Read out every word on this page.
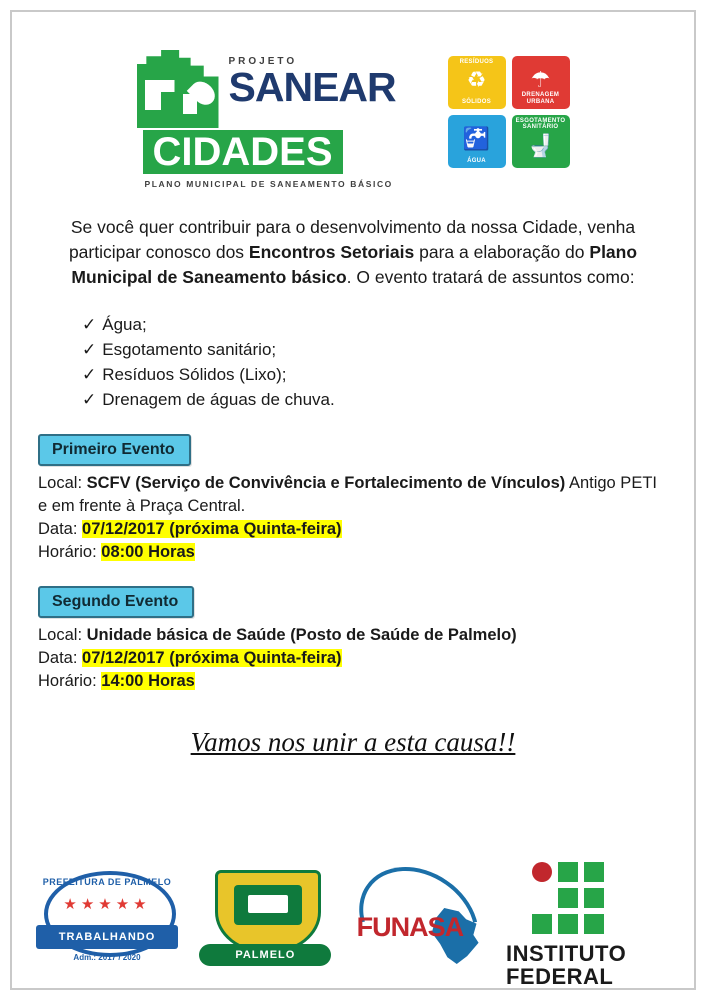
PROJETO
SANEAR
CIDADES
PLANO MUNICIPAL DE SANEAMENTO BÁSICO
RESÍDUOS
♻
SÓLIDOS
☂
DRENAGEM
URBANA
🚰
ÁGUA
ESGOTAMENTO
SANITÁRIO
🚽
Se você quer contribuir para o desenvolvimento da nossa Cidade, venha participar conosco dos Encontros Setoriais para a elaboração do Plano Municipal de Saneamento básico. O evento tratará de assuntos como:
✓ Água;
✓ Esgotamento sanitário;
✓ Resíduos Sólidos (Lixo);
✓ Drenagem de águas de chuva.
Primeiro Evento
Local: SCFV (Serviço de Convivência e Fortalecimento de Vínculos) Antigo PETI e em frente à Praça Central.
Data: 07/12/2017 (próxima Quinta-feira)
Horário: 08:00 Horas
Segundo Evento
Local: Unidade básica de Saúde (Posto de Saúde de Palmelo)
Data: 07/12/2017 (próxima Quinta-feira)
Horário: 14:00 Horas
Vamos nos unir a esta causa!!
PREFEITURA DE PALMELO
★★★★★
TRABALHANDO
Adm.: 2017 / 2020	PALMELO
FUNASA
INSTITUTO
FEDERAL
